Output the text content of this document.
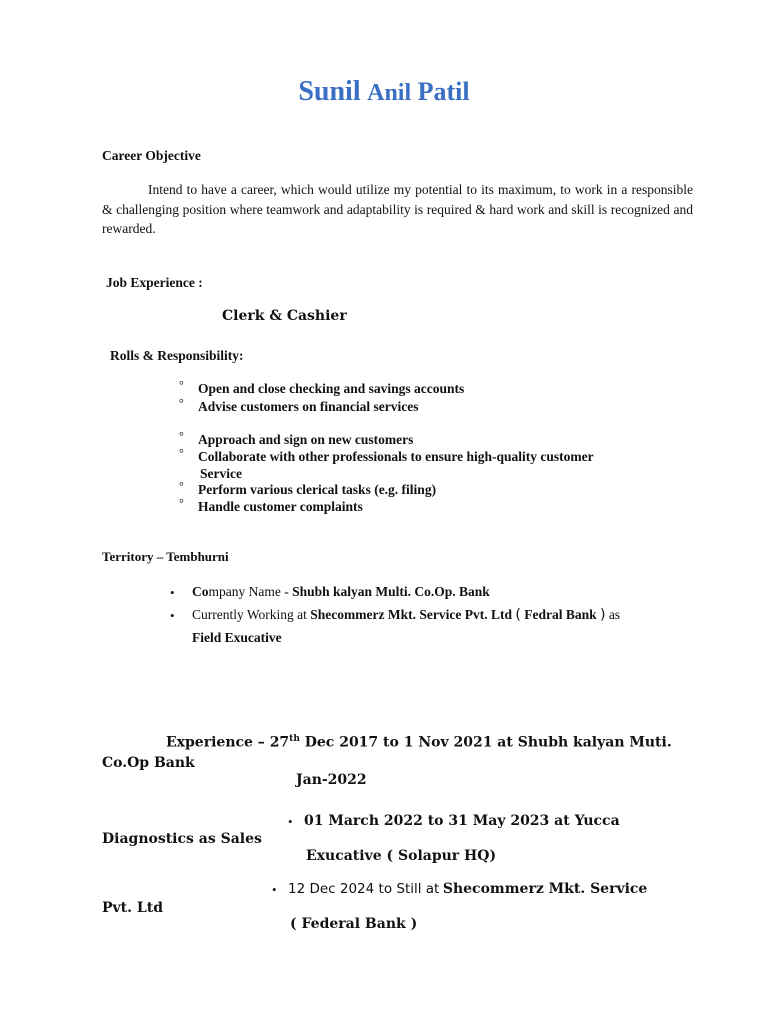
Sunil Anil Patil
Career Objective
Intend to have a career, which would utilize my potential to its maximum, to work in a responsible & challenging position where teamwork and adaptability is required & hard work and skill is recognized and rewarded.
Job Experience :
Clerk & Cashier
Rolls & Responsibility:
° Open and close checking and savings accounts
° Advise customers on financial services
° Approach and sign on new customers
° Collaborate with other professionals to ensure high-quality customer
Service
° Perform various clerical tasks (e.g. filing)
° Handle customer complaints
Territory – Tembhurni
• Company Name - Shubh kalyan Multi. Co.Op. Bank
• Currently Working at Shecommerz Mkt. Service Pvt. Ltd ( Fedral Bank ) as
Field Exucative
Experience – 27th Dec 2017 to 1 Nov 2021 at Shubh kalyan Muti.
Co.Op Bank
Jan-2022
• 01 March 2022 to 31 May 2023 at Yucca
Diagnostics as Sales
Exucative ( Solapur HQ)
• 12 Dec 2024 to Still at Shecommerz Mkt. Service
Pvt. Ltd
( Federal Bank )
